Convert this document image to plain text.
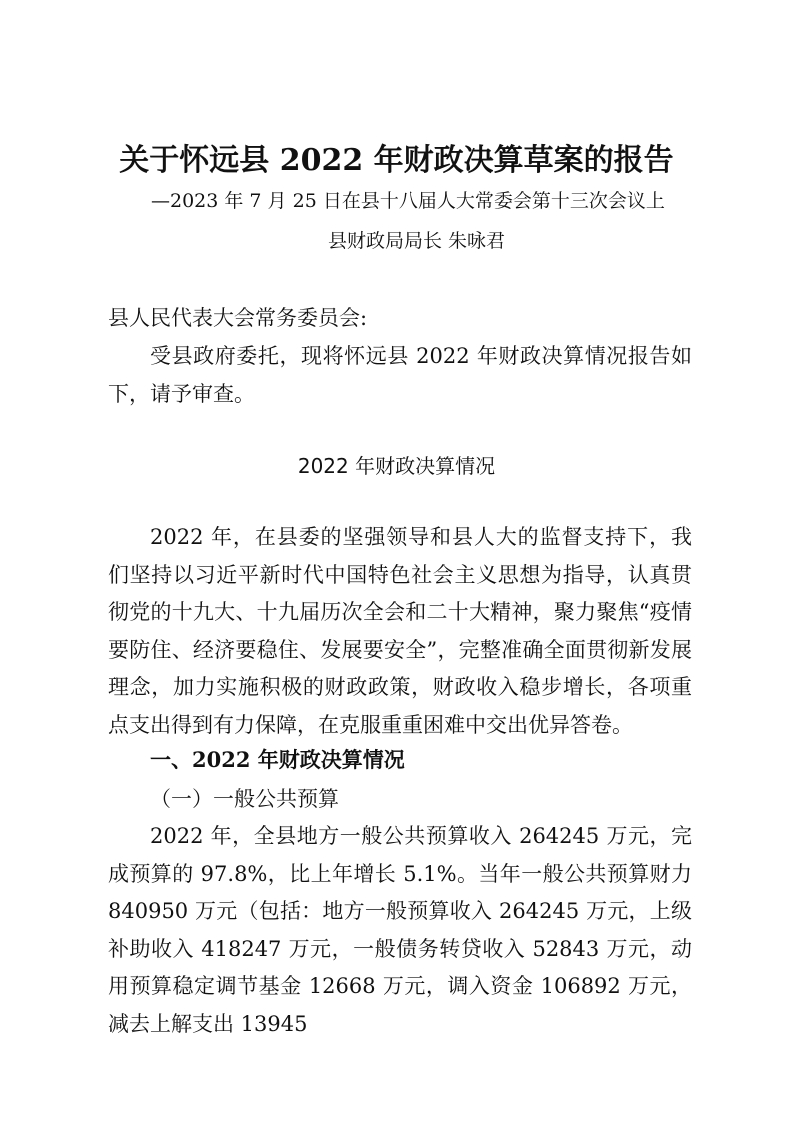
关于怀远县 2022 年财政决算草案的报告
—2023 年 7 月 25 日在县十八届人大常委会第十三次会议上
县财政局局长 朱咏君
县人民代表大会常务委员会:
受县政府委托，现将怀远县 2022 年财政决算情况报告如下，请予审查。
2022 年财政决算情况
2022 年，在县委的坚强领导和县人大的监督支持下，我们坚持以习近平新时代中国特色社会主义思想为指导，认真贯彻党的十九大、十九届历次全会和二十大精神，聚力聚焦“疫情要防住、经济要稳住、发展要安全”，完整准确全面贯彻新发展理念，加力实施积极的财政政策，财政收入稳步增长，各项重点支出得到有力保障，在克服重重困难中交出优异答卷。
一、2022 年财政决算情况
（一）一般公共预算
2022 年，全县地方一般公共预算收入 264245 万元，完成预算的 97.8%，比上年增长 5.1%。当年一般公共预算财力 840950 万元（包括：地方一般预算收入 264245 万元，上级补助收入 418247 万元，一般债务转贷收入 52843 万元，动用预算稳定调节基金 12668 万元，调入资金 106892 万元，减去上解支出 13945
